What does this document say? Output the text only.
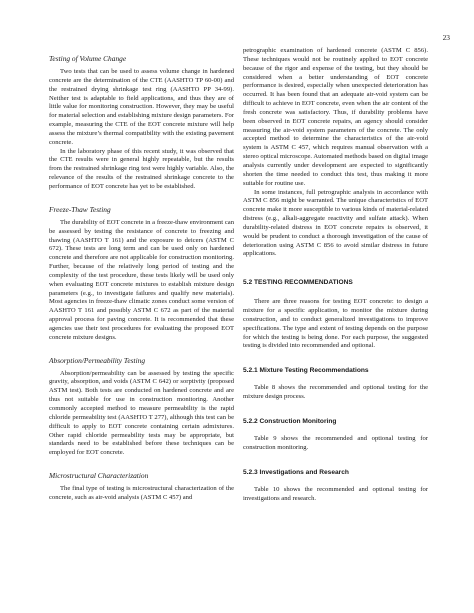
23
Testing of Volume Change

Two tests that can be used to assess volume change in hardened concrete are the determination of the CTE (AASHTO TP 60-00) and the restrained drying shrinkage test ring (AASHTO PP 34-99). Neither test is adaptable to field applications, and thus they are of little value for monitoring construction. However, they may be useful for material selection and establishing mixture design parameters. For example, measuring the CTE of the EOT concrete mixture will help assess the mixture’s thermal compatibility with the existing pavement concrete.

In the laboratory phase of this recent study, it was observed that the CTE results were in general highly repeatable, but the results from the restrained shrinkage ring test were highly variable. Also, the relevance of the results of the restrained shrinkage concrete to the performance of EOT concrete has yet to be established.

Freeze-Thaw Testing

The durability of EOT concrete in a freeze-thaw environment can be assessed by testing the resistance of concrete to freezing and thawing (AASHTO T 161) and the exposure to deicers (ASTM C 672). These tests are long term and can be used only on hardened concrete and therefore are not applicable for construction monitoring. Further, because of the relatively long period of testing and the complexity of the test procedure, these tests likely will be used only when evaluating EOT concrete mixtures to establish mixture design parameters (e.g., to investigate failures and qualify new materials). Most agencies in freeze-thaw climatic zones conduct some version of AASHTO T 161 and possibly ASTM C 672 as part of the material approval process for paving concrete. It is recommended that these agencies use their test procedures for evaluating the proposed EOT concrete mixture designs.

Absorption/Permeability Testing

Absorption/permeability can be assessed by testing the specific gravity, absorption, and voids (ASTM C 642) or sorptivity (proposed ASTM test). Both tests are conducted on hardened concrete and are thus not suitable for use in construction monitoring. Another commonly accepted method to measure permeability is the rapid chloride permeability test (AASHTO T 277), although this test can be difficult to apply to EOT concrete containing certain admixtures. Other rapid chloride permeability tests may be appropriate, but standards need to be established before these techniques can be employed for EOT concrete.

Microstructural Characterization

The final type of testing is microstructural characterization of the concrete, such as air-void analysis (ASTM C 457) and

petrographic examination of hardened concrete (ASTM C 856). These techniques would not be routinely applied to EOT concrete because of the rigor and expense of the testing, but they should be considered when a better understanding of EOT concrete performance is desired, especially when unexpected deterioration has occurred. It has been found that an adequate air-void system can be difficult to achieve in EOT concrete, even when the air content of the fresh concrete was satisfactory. Thus, if durability problems have been observed in EOT concrete repairs, an agency should consider measuring the air-void system parameters of the concrete. The only accepted method to determine the characteristics of the air-void system is ASTM C 457, which requires manual observation with a stereo optical microscope. Automated methods based on digital image analysis currently under development are expected to significantly shorten the time needed to conduct this test, thus making it more suitable for routine use.

In some instances, full petrographic analysis in accordance with ASTM C 856 might be warranted. The unique characteristics of EOT concrete make it more susceptible to various kinds of material-related distress (e.g., alkali-aggregate reactivity and sulfate attack). When durability-related distress in EOT concrete repairs is observed, it would be prudent to conduct a thorough investigation of the cause of deterioration using ASTM C 856 to avoid similar distress in future applications.

5.2 TESTING RECOMMENDATIONS

There are three reasons for testing EOT concrete: to design a mixture for a specific application, to monitor the mixture during construction, and to conduct generalized investigations to improve specifications. The type and extent of testing depends on the purpose for which the testing is being done. For each purpose, the suggested testing is divided into recommended and optional.

5.2.1 Mixture Testing Recommendations

Table 8 shows the recommended and optional testing for the mixture design process.

5.2.2 Construction Monitoring

Table 9 shows the recommended and optional testing for construction monitoring.

5.2.3 Investigations and Research

Table 10 shows the recommended and optional testing for investigations and research.
